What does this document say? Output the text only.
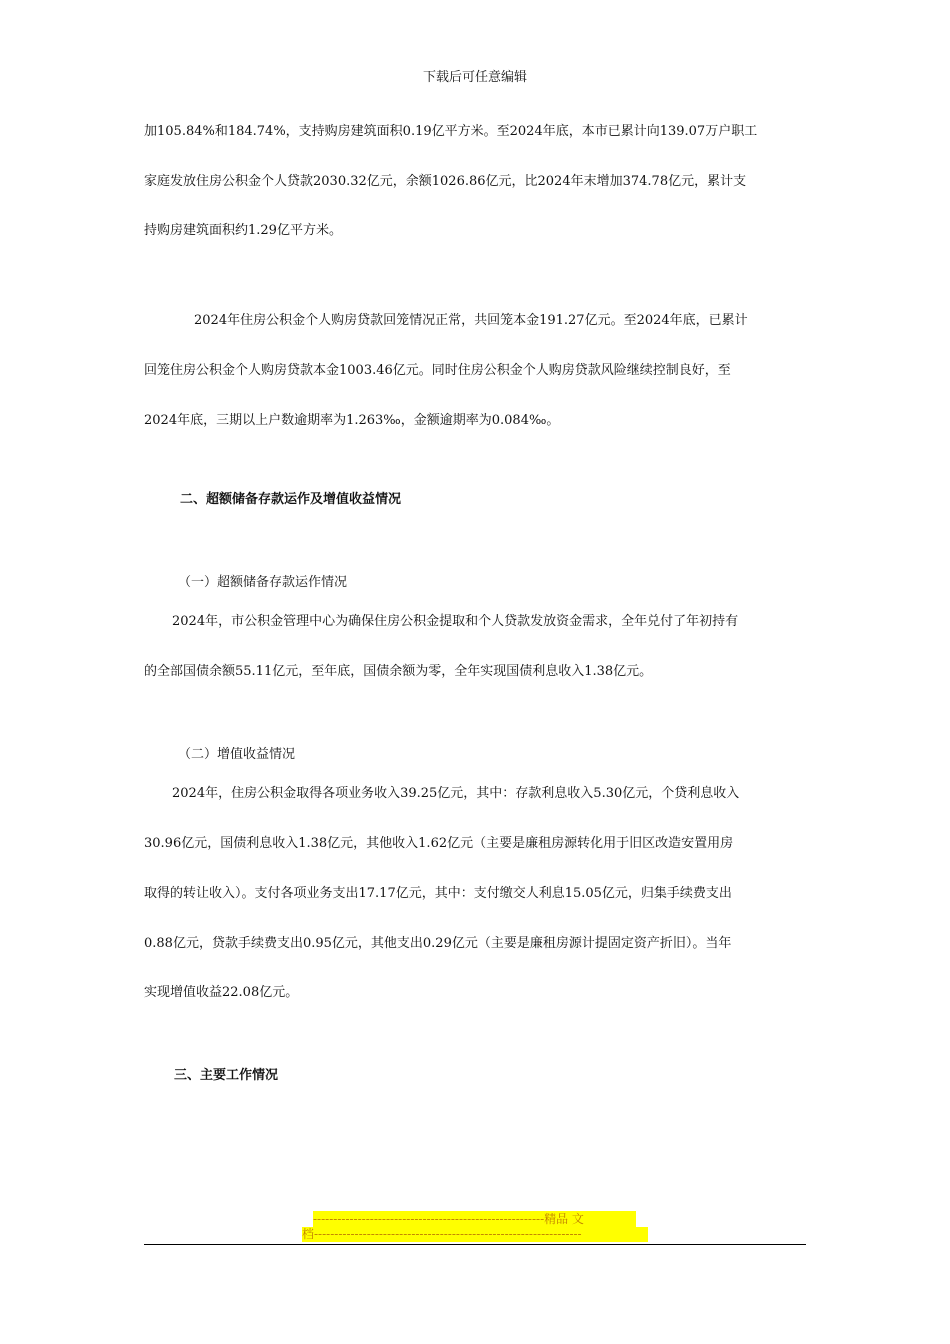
下载后可任意编辑
加105.84%和184.74%，支持购房建筑面积0.19亿平方米。至2024年底，本市已累计向139.07万户职工
家庭发放住房公积金个人贷款2030.32亿元，余额1026.86亿元，比2024年末增加374.78亿元，累计支
持购房建筑面积约1.29亿平方米。
2024年住房公积金个人购房贷款回笼情况正常，共回笼本金191.27亿元。至2024年底，已累计
回笼住房公积金个人购房贷款本金1003.46亿元。同时住房公积金个人购房贷款风险继续控制良好，至
2024年底，三期以上户数逾期率为1.263‰，金额逾期率为0.084‰。
二、超额储备存款运作及增值收益情况
（一）超额储备存款运作情况
2024年，市公积金管理中心为确保住房公积金提取和个人贷款发放资金需求，全年兑付了年初持有
的全部国债余额55.11亿元，至年底，国债余额为零，全年实现国债利息收入1.38亿元。
（二）增值收益情况
2024年，住房公积金取得各项业务收入39.25亿元，其中：存款利息收入5.30亿元，个贷利息收入
30.96亿元，国债利息收入1.38亿元，其他收入1.62亿元（主要是廉租房源转化用于旧区改造安置用房
取得的转让收入）。支付各项业务支出17.17亿元，其中：支付缴交人利息15.05亿元，归集手续费支出
0.88亿元，贷款手续费支出0.95亿元，其他支出0.29亿元（主要是廉租房源计提固定资产折旧）。当年
实现增值收益22.08亿元。
三、主要工作情况
---------------------------------------------------------精品 文
档------------------------------------------------------------------
